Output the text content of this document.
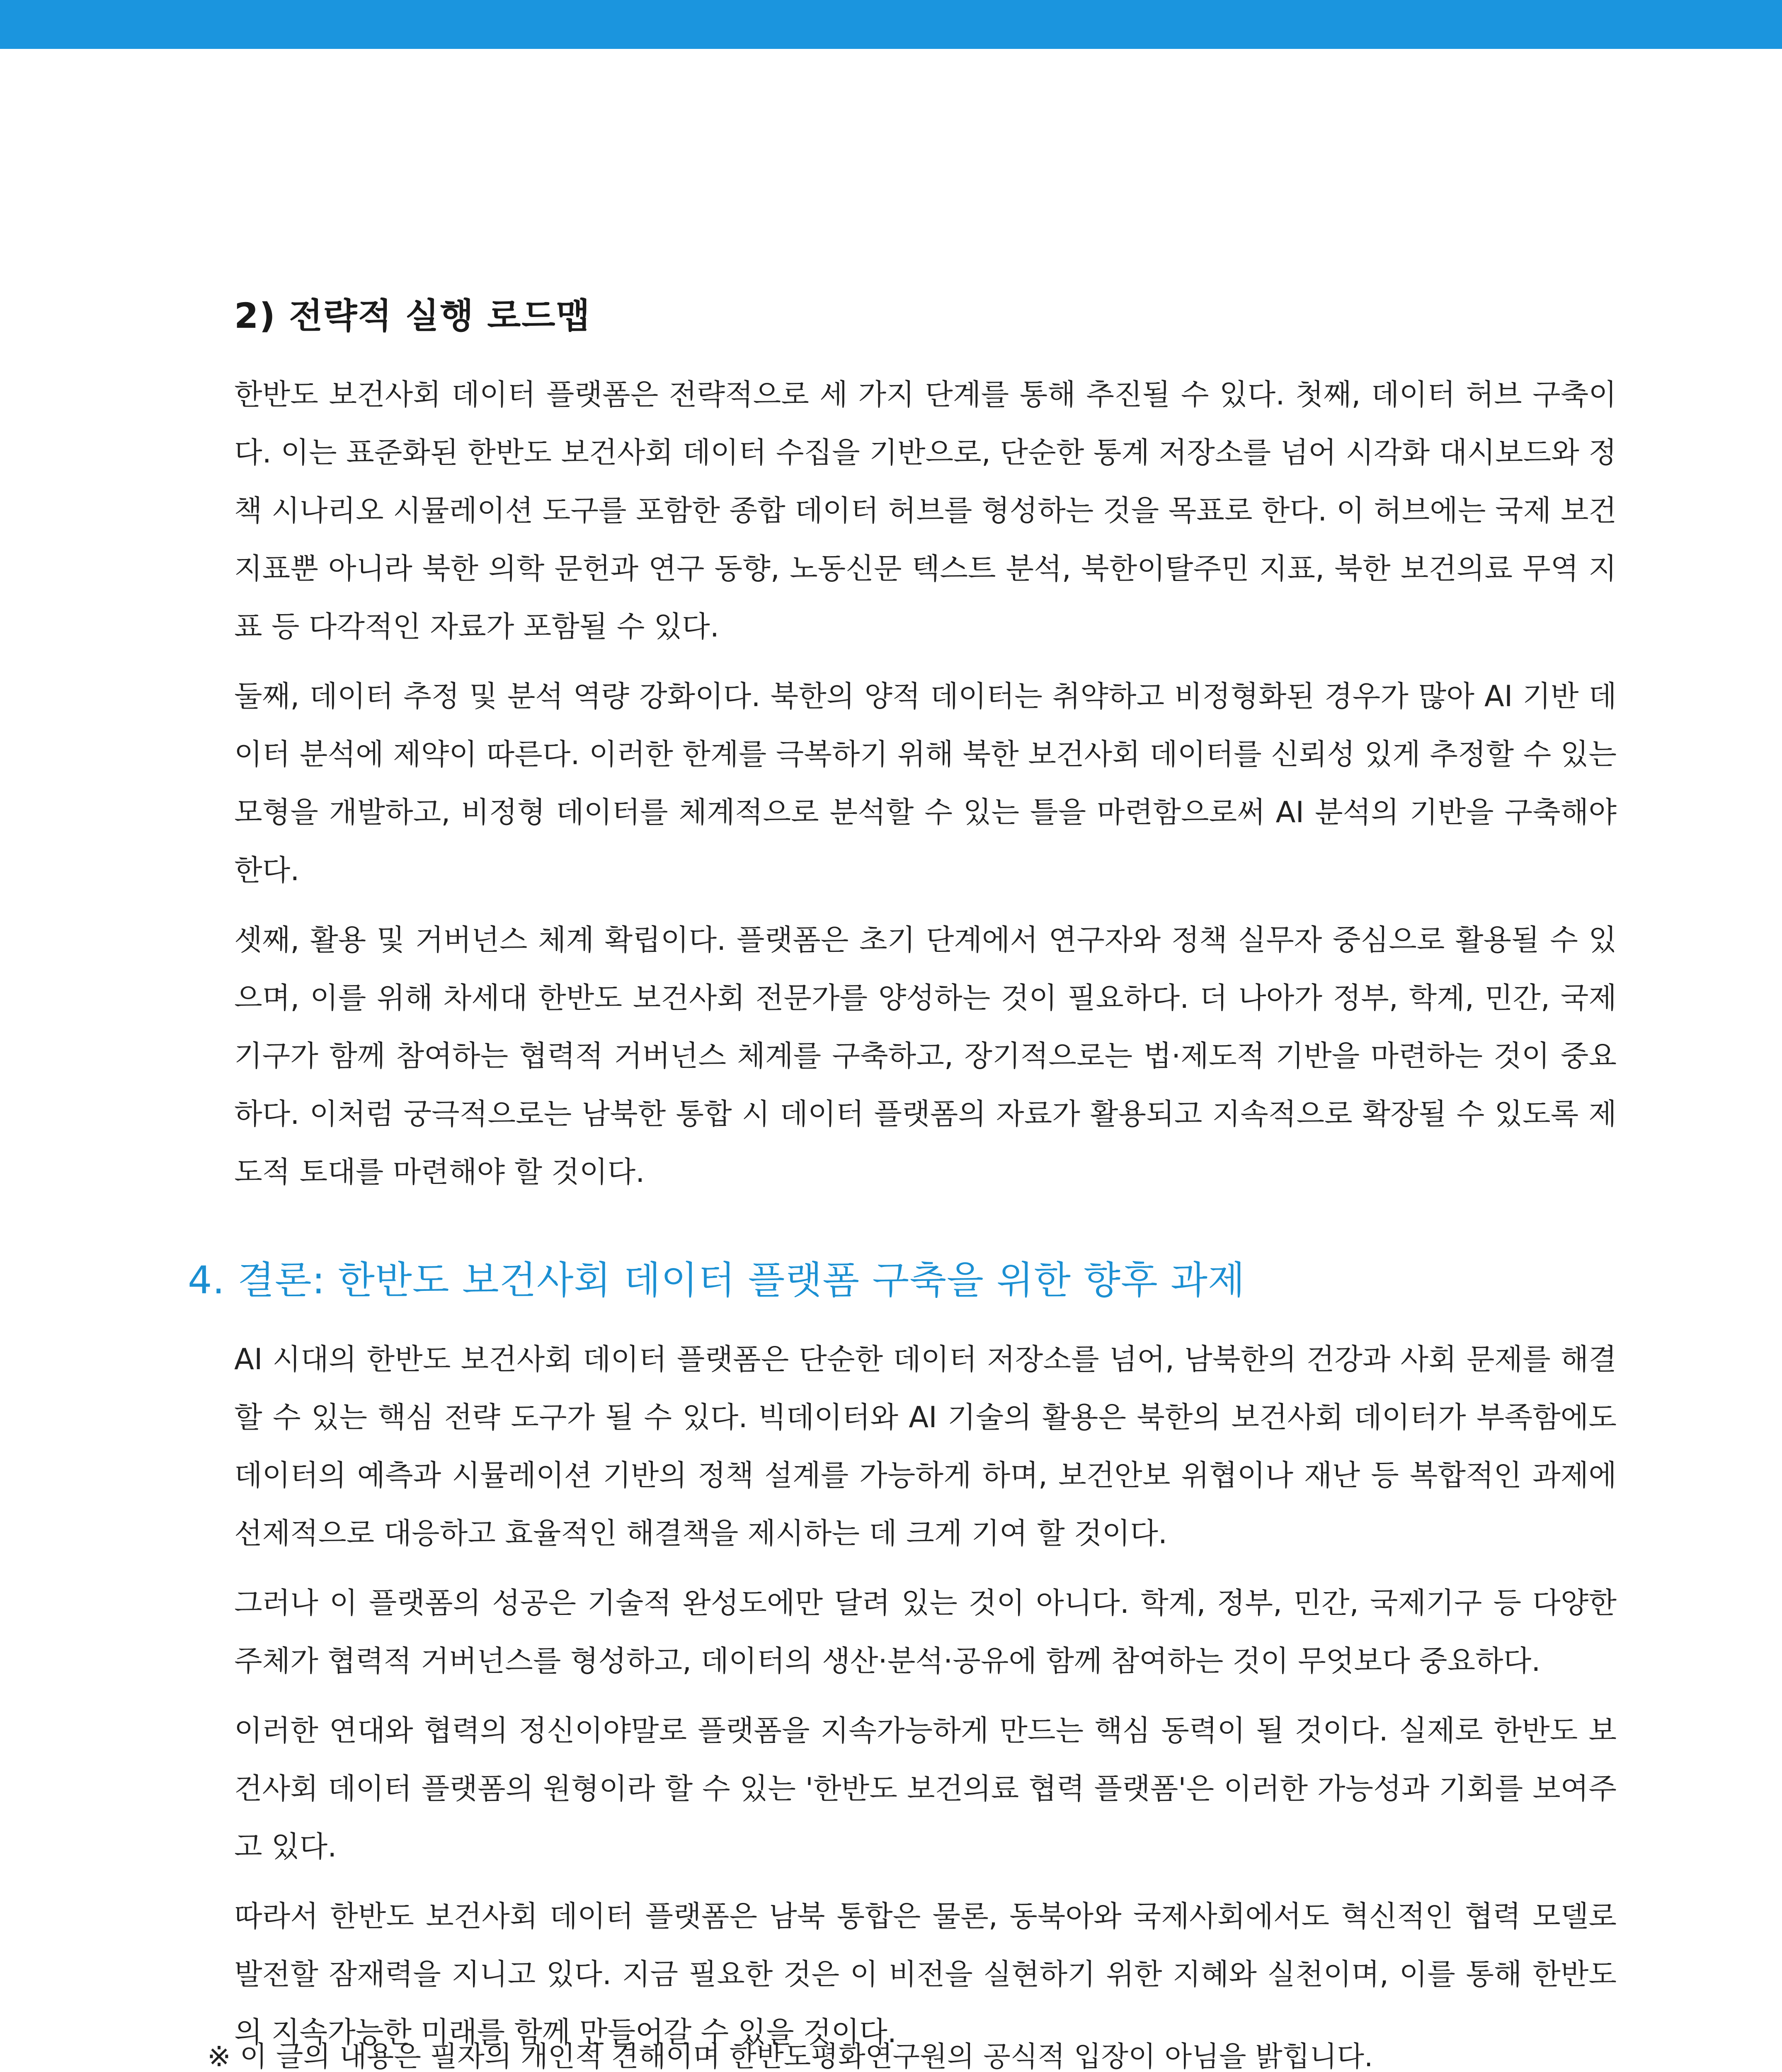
2) 전략적 실행 로드맵

한반도 보건사회 데이터 플랫폼은 전략적으로 세 가지 단계를 통해 추진될 수 있다. 첫째, 데이터 허브 구축이다. 이는 표준화된 한반도 보건사회 데이터 수집을 기반으로, 단순한 통계 저장소를 넘어 시각화 대시보드와 정책 시나리오 시뮬레이션 도구를 포함한 종합 데이터 허브를 형성하는 것을 목표로 한다. 이 허브에는 국제 보건 지표뿐 아니라 북한 의학 문헌과 연구 동향, 노동신문 텍스트 분석, 북한이탈주민 지표, 북한 보건의료 무역 지표 등 다각적인 자료가 포함될 수 있다.

둘째, 데이터 추정 및 분석 역량 강화이다. 북한의 양적 데이터는 취약하고 비정형화된 경우가 많아 AI 기반 데이터 분석에 제약이 따른다. 이러한 한계를 극복하기 위해 북한 보건사회 데이터를 신뢰성 있게 추정할 수 있는 모형을 개발하고, 비정형 데이터를 체계적으로 분석할 수 있는 틀을 마련함으로써 AI 분석의 기반을 구축해야 한다.

셋째, 활용 및 거버넌스 체계 확립이다. 플랫폼은 초기 단계에서 연구자와 정책 실무자 중심으로 활용될 수 있으며, 이를 위해 차세대 한반도 보건사회 전문가를 양성하는 것이 필요하다. 더 나아가 정부, 학계, 민간, 국제기구가 함께 참여하는 협력적 거버넌스 체계를 구축하고, 장기적으로는 법·제도적 기반을 마련하는 것이 중요하다. 이처럼 궁극적으로는 남북한 통합 시 데이터 플랫폼의 자료가 활용되고 지속적으로 확장될 수 있도록 제도적 토대를 마련해야 할 것이다.

4. 결론: 한반도 보건사회 데이터 플랫폼 구축을 위한 향후 과제

AI 시대의 한반도 보건사회 데이터 플랫폼은 단순한 데이터 저장소를 넘어, 남북한의 건강과 사회 문제를 해결할 수 있는 핵심 전략 도구가 될 수 있다. 빅데이터와 AI 기술의 활용은 북한의 보건사회 데이터가 부족함에도 데이터의 예측과 시뮬레이션 기반의 정책 설계를 가능하게 하며, 보건안보 위협이나 재난 등 복합적인 과제에 선제적으로 대응하고 효율적인 해결책을 제시하는 데 크게 기여 할 것이다.

그러나 이 플랫폼의 성공은 기술적 완성도에만 달려 있는 것이 아니다. 학계, 정부, 민간, 국제기구 등 다양한 주체가 협력적 거버넌스를 형성하고, 데이터의 생산·분석·공유에 함께 참여하는 것이 무엇보다 중요하다.

이러한 연대와 협력의 정신이야말로 플랫폼을 지속가능하게 만드는 핵심 동력이 될 것이다. 실제로 한반도 보건사회 데이터 플랫폼의 원형이라 할 수 있는 '한반도 보건의료 협력 플랫폼'은 이러한 가능성과 기회를 보여주고 있다.

따라서 한반도 보건사회 데이터 플랫폼은 남북 통합은 물론, 동북아와 국제사회에서도 혁신적인 협력 모델로 발전할 잠재력을 지니고 있다. 지금 필요한 것은 이 비전을 실현하기 위한 지혜와 실천이며, 이를 통해 한반도의 지속가능한 미래를 함께 만들어갈 수 있을 것이다.

※ 이 글의 내용은 필자의 개인적 견해이며 한반도평화연구원의 공식적 입장이 아님을 밝힙니다.
